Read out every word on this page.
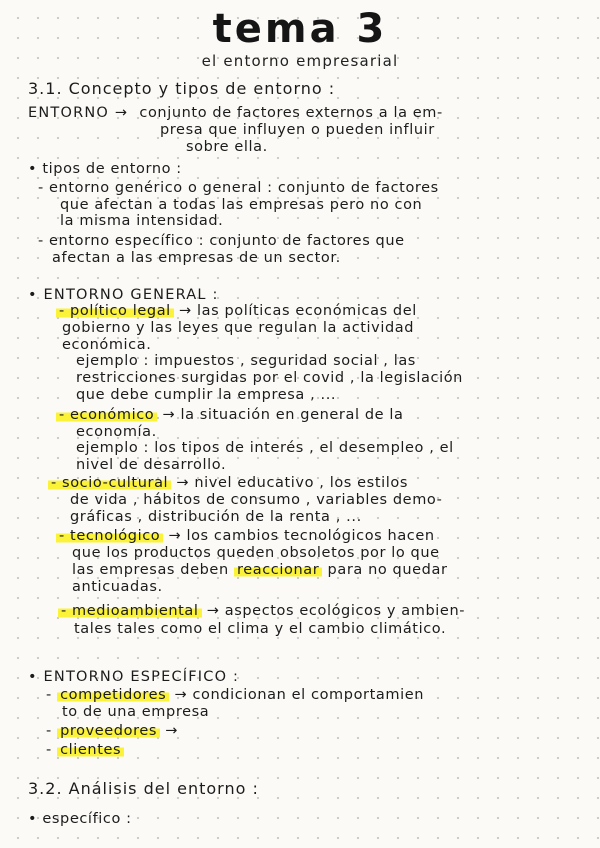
tema 3
el entorno empresarial
3.1. Concepto y tipos de entorno :
ENTORNO → conjunto de factores externos a la em-
presa que influyen o pueden influir
sobre ella.
• tipos de entorno :
- entorno genérico o general : conjunto de factores
que afectan a todas las empresas pero no con
la misma intensidad.
- entorno específico : conjunto de factores que
afectan a las empresas de un sector.
• ENTORNO GENERAL :
- político legal → las políticas económicas del
gobierno y las leyes que regulan la actividad
económica.
ejemplo : impuestos , seguridad social , las
restricciones surgidas por el covid , la legislación
que debe cumplir la empresa , ...
- económico → la situación en general de la
economía.
ejemplo : los tipos de interés , el desempleo , el
nivel de desarrollo.
- socio-cultural → nivel educativo , los estilos
de vida , hábitos de consumo , variables demo-
gráficas , distribución de la renta , ...
- tecnológico → los cambios tecnológicos hacen
que los productos queden obsoletos por lo que
las empresas deben reaccionar para no quedar
anticuadas.
- medioambiental → aspectos ecológicos y ambien-
tales tales como el clima y el cambio climático.
• ENTORNO ESPECÍFICO :
- competidores → condicionan el comportamien
to de una empresa
- proveedores →
- clientes
3.2. Análisis del entorno :
• específico :
